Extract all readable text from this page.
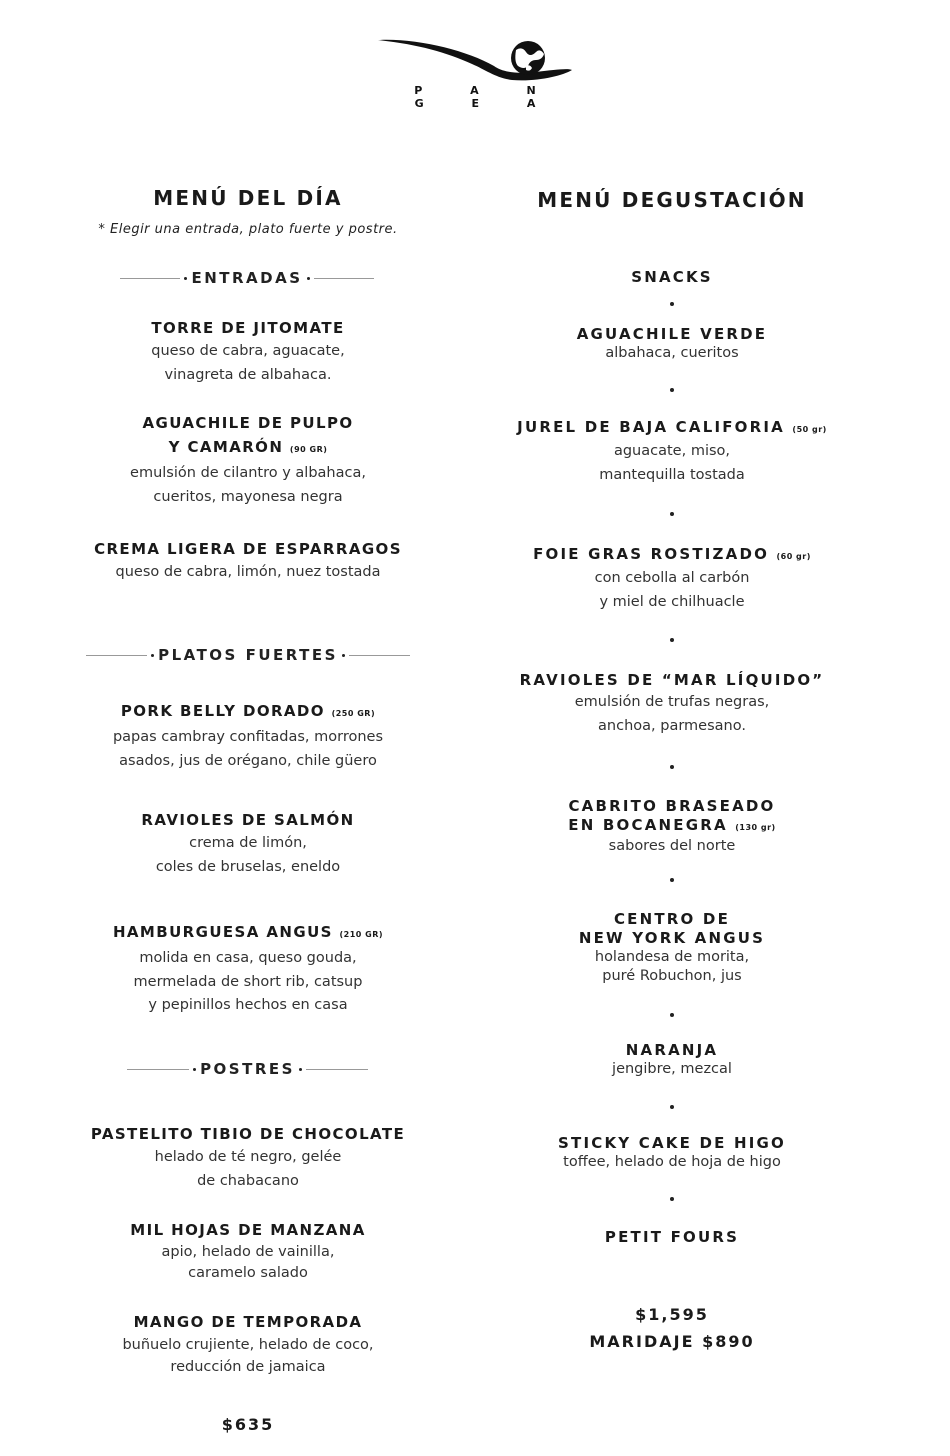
P A N G E A
MENÚ DEL DÍA
* Elegir una entrada, plato fuerte y postre.
ENTRADAS
TORRE DE JITOMATE
queso de cabra, aguacate,
vinagreta de albahaca.
AGUACHILE DE PULPO
Y CAMARÓN (90 GR)
emulsión de cilantro y albahaca,
cueritos, mayonesa negra
CREMA LIGERA DE ESPARRAGOS
queso de cabra, limón, nuez tostada
PLATOS FUERTES
PORK BELLY DORADO (250 GR)
papas cambray confitadas, morrones
asados, jus de orégano, chile güero
RAVIOLES DE SALMÓN
crema de limón,
coles de bruselas, eneldo
HAMBURGUESA ANGUS (210 GR)
molida en casa, queso gouda,
mermelada de short rib, catsup
y pepinillos hechos en casa
POSTRES
PASTELITO TIBIO DE CHOCOLATE
helado de té negro, gelée
de chabacano
MIL HOJAS DE MANZANA
apio, helado de vainilla,
caramelo salado
MANGO DE TEMPORADA
buñuelo crujiente, helado de coco,
reducción de jamaica
$635
MENÚ DEGUSTACIÓN
SNACKS
AGUACHILE VERDE
albahaca, cueritos
JUREL DE BAJA CALIFORIA (50 gr)
aguacate, miso,
mantequilla tostada
FOIE GRAS ROSTIZADO (60 gr)
con cebolla al carbón
y miel de chilhuacle
RAVIOLES DE “MAR LÍQUIDO”
emulsión de trufas negras,
anchoa, parmesano.
CABRITO BRASEADO
EN BOCANEGRA (130 gr)
sabores del norte
CENTRO DE
NEW YORK ANGUS
holandesa de morita,
puré Robuchon, jus
NARANJA
jengibre, mezcal
STICKY CAKE DE HIGO
toffee, helado de hoja de higo
PETIT FOURS
$1,595
MARIDAJE $890
